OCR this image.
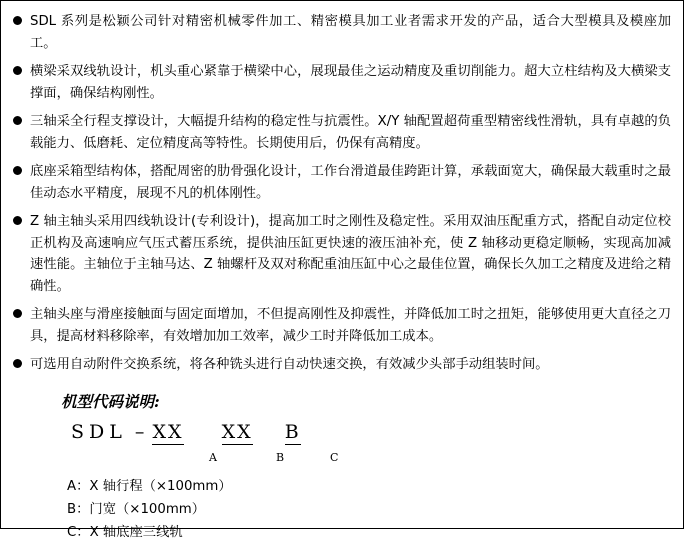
SDL 系列是松颖公司针对精密机械零件加工、精密模具加工业者需求开发的产品，适合大型模具及模座加工。
横梁采双线轨设计，机头重心紧靠于横梁中心，展现最佳之运动精度及重切削能力。超大立柱结构及大横梁支撑面，确保结构刚性。
三轴采全行程支撑设计，大幅提升结构的稳定性与抗震性。X/Y 轴配置超荷重型精密线性滑轨，具有卓越的负载能力、低磨耗、定位精度高等特性。长期使用后，仍保有高精度。
底座采箱型结构体，搭配周密的肋骨强化设计，工作台滑道最佳跨距计算，承载面宽大，确保最大载重时之最佳动态水平精度，展现不凡的机体刚性。
Z 轴主轴头采用四线轨设计(专利设计)，提高加工时之刚性及稳定性。采用双油压配重方式，搭配自动定位校正机构及高速响应气压式蓄压系统，提供油压缸更快速的液压油补充，使 Z 轴移动更稳定顺畅，实现高加减速性能。主轴位于主轴马达、Z 轴螺杆及双对称配重油压缸中心之最佳位置，确保长久加工之精度及进给之精确性。
主轴头座与滑座接触面与固定面增加，不但提高刚性及抑震性，并降低加工时之扭矩，能够使用更大直径之刀具，提高材料移除率，有效增加加工效率，减少工时并降低加工成本。
可选用自动附件交换系统，将各种铣头进行自动快速交换，有效减少头部手动组装时间。
机型代码说明:
SDL – XX XX B
A	B	C
A：X 轴行程（×100mm）
B：门宽（×100mm）
C：X 轴底座三线轨
